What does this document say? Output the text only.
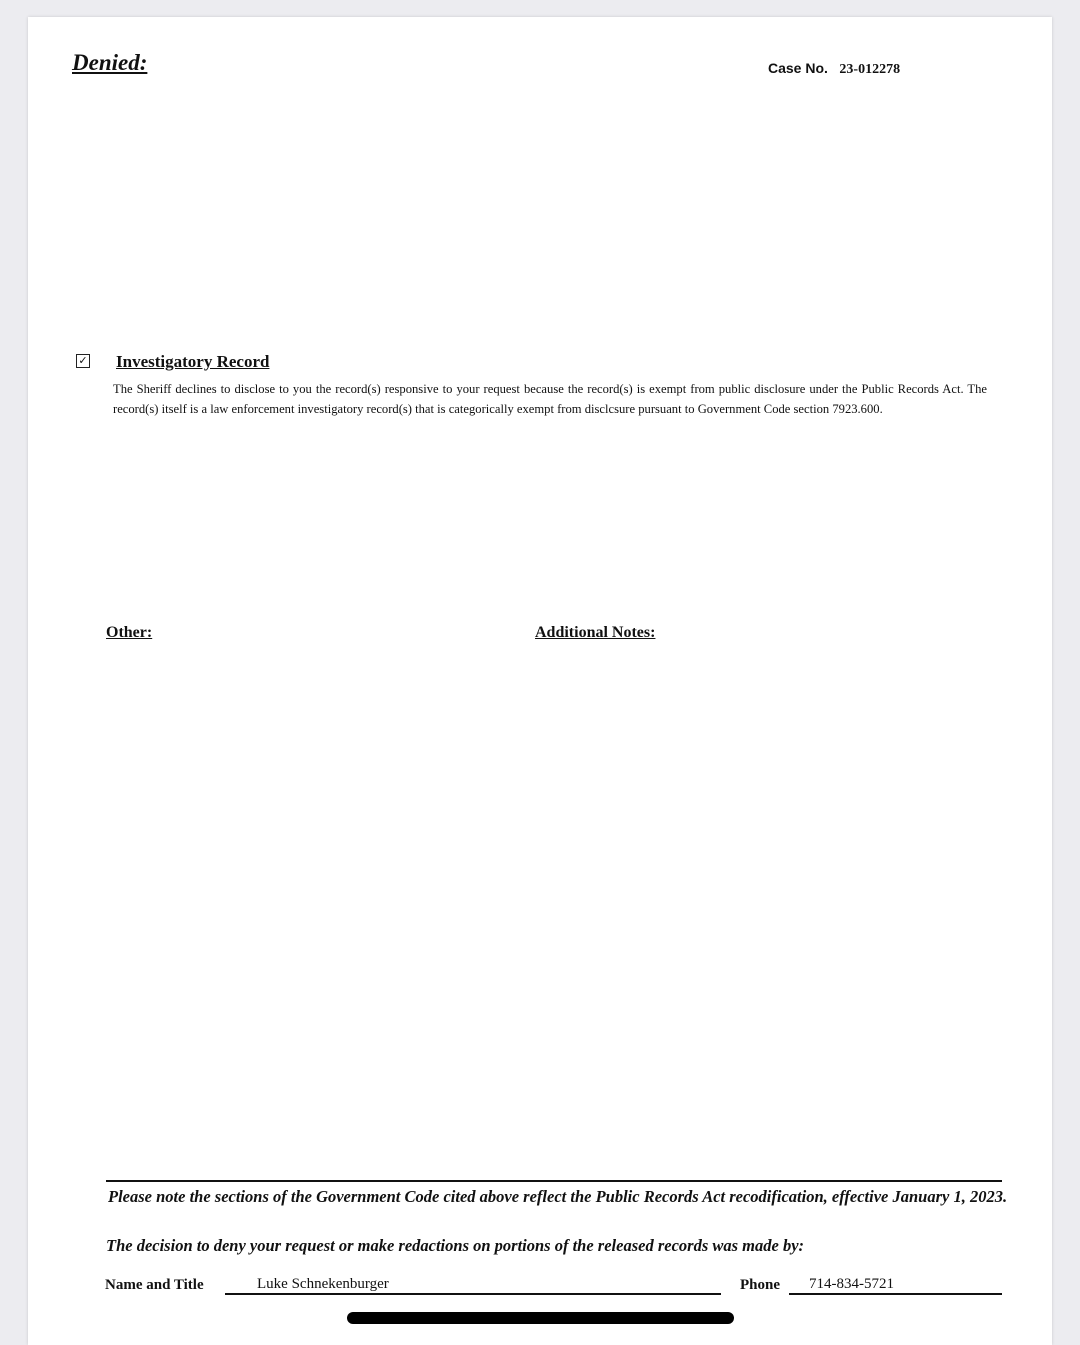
Denied:	Case No. 23-012278
✓ Investigatory Record
The Sheriff declines to disclose to you the record(s) responsive to your request because the record(s) is exempt from public disclosure under the Public Records Act. The record(s) itself is a law enforcement investigatory record(s) that is categorically exempt from disclcsure pursuant to Government Code section 7923.600.
Other:	Additional Notes:
Please note the sections of the Government Code cited above reflect the Public Records Act recodification, effective January 1, 2023.
The decision to deny your request or make redactions on portions of the released records was made by:
Name and Title	Luke Schnekenburger	Phone	714-834-5721
